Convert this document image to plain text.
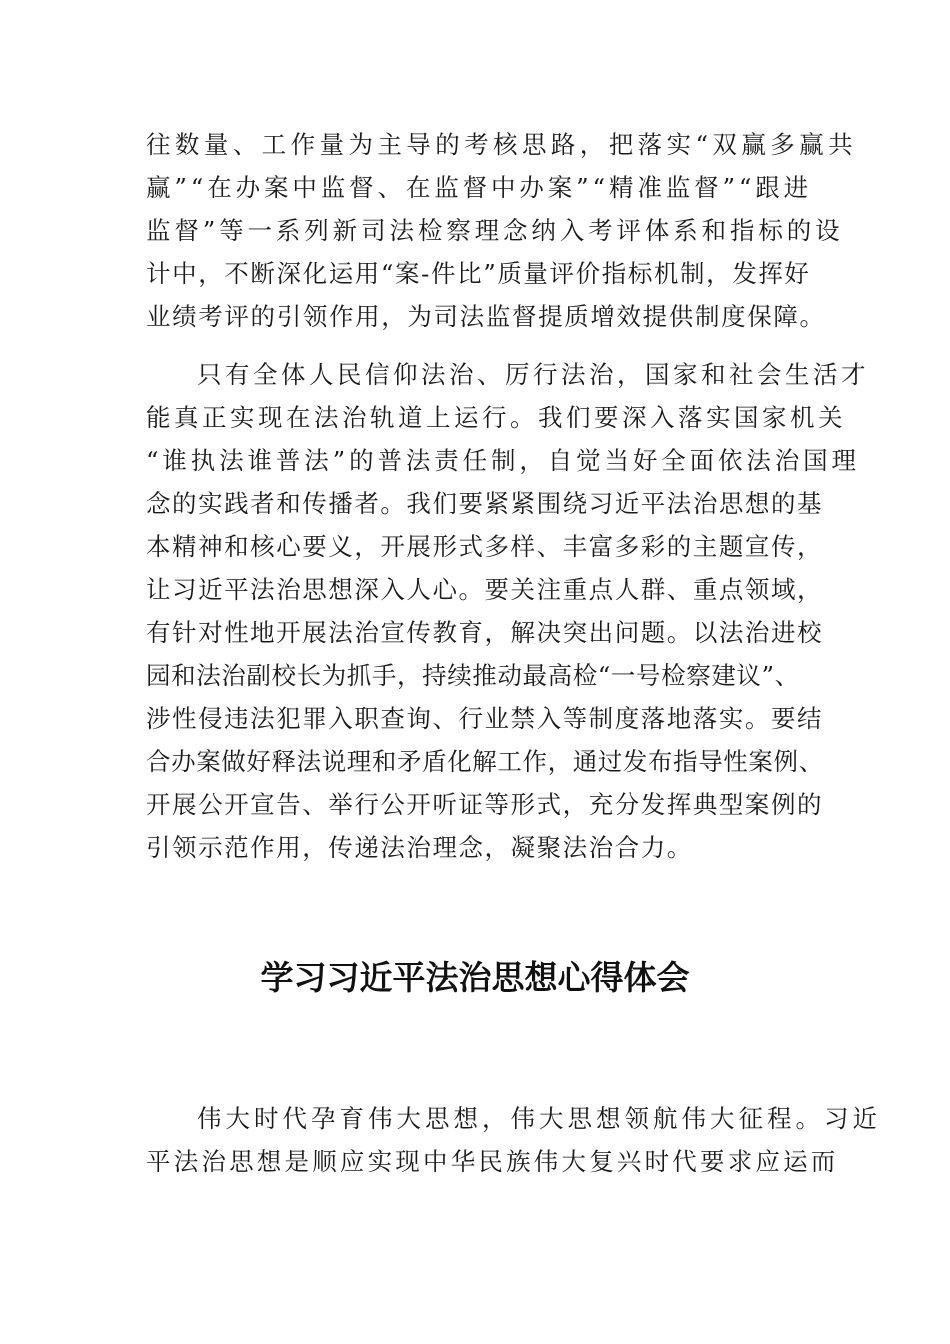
往数量、工作量为主导的考核思路，把落实“双赢多赢共
赢”“在办案中监督、在监督中办案”“精准监督”“跟进
监督”等一系列新司法检察理念纳入考评体系和指标的设
计中，不断深化运用“案-件比”质量评价指标机制，发挥好
业绩考评的引领作用，为司法监督提质增效提供制度保障。
只有全体人民信仰法治、厉行法治，国家和社会生活才
能真正实现在法治轨道上运行。我们要深入落实国家机关
“谁执法谁普法”的普法责任制，自觉当好全面依法治国理
念的实践者和传播者。我们要紧紧围绕习近平法治思想的基
本精神和核心要义，开展形式多样、丰富多彩的主题宣传，
让习近平法治思想深入人心。要关注重点人群、重点领域，
有针对性地开展法治宣传教育，解决突出问题。以法治进校
园和法治副校长为抓手，持续推动最高检“一号检察建议”、
涉性侵违法犯罪入职查询、行业禁入等制度落地落实。要结
合办案做好释法说理和矛盾化解工作，通过发布指导性案例、
开展公开宣告、举行公开听证等形式，充分发挥典型案例的
引领示范作用，传递法治理念，凝聚法治合力。
学习习近平法治思想心得体会
伟大时代孕育伟大思想，伟大思想领航伟大征程。习近
平法治思想是顺应实现中华民族伟大复兴时代要求应运而
